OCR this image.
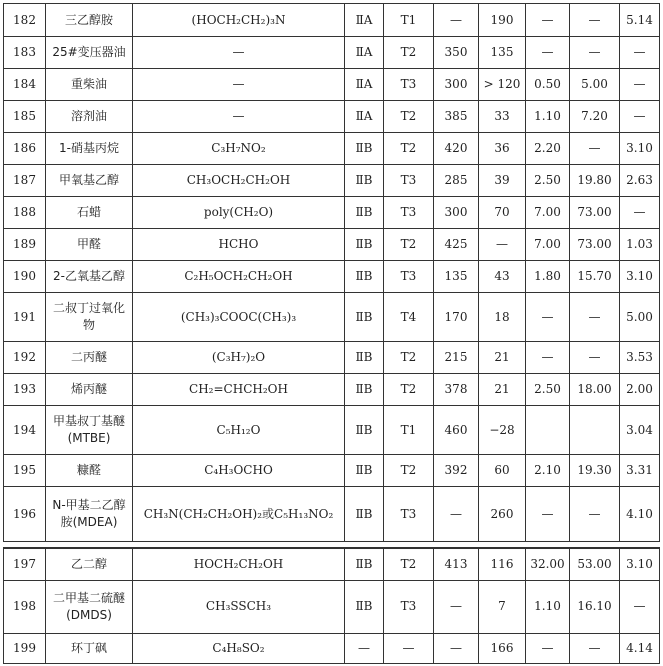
182	三乙醇胺	(HOCH₂CH₂)₃N	ⅡA	T1	—	190	—	—	5.14
183	25#变压器油	—	ⅡA	T2	350	135	—	—	—
184	重柴油	—	ⅡA	T3	300	> 120	0.50	5.00	—
185	溶剂油	—	ⅡA	T2	385	33	1.10	7.20	—
186	1-硝基丙烷	C₃H₇NO₂	ⅡB	T2	420	36	2.20	—	3.10
187	甲氧基乙醇	CH₃OCH₂CH₂OH	ⅡB	T3	285	39	2.50	19.80	2.63
188	石蜡	poly(CH₂O)	ⅡB	T3	300	70	7.00	73.00	—
189	甲醛	HCHO	ⅡB	T2	425	—	7.00	73.00	1.03
190	2-乙氧基乙醇	C₂H₅OCH₂CH₂OH	ⅡB	T3	135	43	1.80	15.70	3.10
191	二叔丁过氧化物	(CH₃)₃COOC(CH₃)₃	ⅡB	T4	170	18	—	—	5.00
192	二丙醚	(C₃H₇)₂O	ⅡB	T2	215	21	—	—	3.53
193	烯丙醚	CH₂=CHCH₂OH	ⅡB	T2	378	21	2.50	18.00	2.00
194	甲基叔丁基醚(MTBE)	C₅H₁₂O	ⅡB	T1	460	−28			3.04
195	糠醛	C₄H₃OCHO	ⅡB	T2	392	60	2.10	19.30	3.31
196	N-甲基二乙醇胺(MDEA)	CH₃N(CH₂CH₂OH)₂或C₅H₁₃NO₂	ⅡB	T3	—	260	—	—	4.10

197	乙二醇	HOCH₂CH₂OH	ⅡB	T2	413	116	32.00	53.00	3.10
198	二甲基二硫醚(DMDS)	CH₃SSCH₃	ⅡB	T3	—	7	1.10	16.10	—
199	环丁砜	C₄H₈SO₂	—	—	—	166	—	—	4.14
